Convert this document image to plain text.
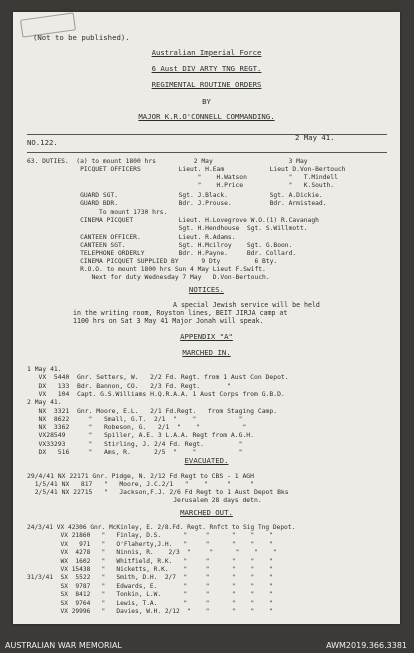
(Not to be published).
Australian Imperial Force
6 Aust DIV ARTY TNG REGT.
REGIMENTAL ROUTINE ORDERS
BY
MAJOR K.R.O'CONNELL COMMANDING.
NO.122.
2 May 41.
63. DUTIES.  (a) to mount 1800 hrs          2 May                    3 May
PICQUET OFFICERS          Lieut. H.Eam            Lieut D.Von-Bertouch
"    H.Watson           "   T.Mindell
"    H.Price            "   K.South.
GUARD SGT.                Sgt. J.Black.           Sgt. A.Dickie.
GUARD BDR.                Bdr. J.Prouse.          Bdr. Armistead.
To mount 1730 hrs.
CINEMA PICQUET            Lieut. H.Lovegrove W.O.(1) R.Cavanagh
Sgt. H.Hendhouse  Sgt. S.Willmott.
CANTEEN OFFICER.          Lieut. R.Adams.
CANTEEN SGT.              Sgt. H.Mcilroy    Sgt. G.Boon.
TELEPHONE ORDERLY         Bdr. H.Payne.     Bdr. Collard.
CINEMA PICQUET SUPPLIED BY      9 Dty         6 Bty.
R.O.O. to mount 1800 hrs Sun 4 May Lieut F.Swift.
Next for duty Wednesday 7 May   D.Von-Bertouch.
NOTICES.
A special Jewish service will be held
in the writing room, Royston lines, BEIT JIRJA camp at
1100 hrs on Sat 3 May 41 Major Jonah will speak.
APPENDIX "A"
MARCHED IN.
1 May 41.
VX  5440  Gnr. Setters, W.   2/2 Fd. Regt. from 1 Aust Con Depot.
DX   133  Bdr. Bannon, CO.   2/3 Fd. Regt.       "
VX   104  Capt. G.S.Williams H.Q.R.A.A. 1 Aust Corps from G.B.D.
2 May 41.
NX  3321  Gnr. Moore, E.L.   2/1 Fd.Regt.   from Staging Camp.
NX  8622     "   Small, G.T.  2/1  "    "           "
NX  3362     "   Robeson, G.   2/1  "    "           "
VX28549      "   Spiller, A.E. 3 L.A.A. Regt from A.G.H.
VX33293      "   Stirling, J. 2/4 Fd. Regt.         "
DX   516     "   Ams, R.      2/5  "    "           "
EVACUATED.
29/4/41 NX 22171 Gnr. Pidge, N. 2/12 Fd Regt to CBS - 1 AGH
1/5/41 NX   817   "   Moore, J.C.2/1   "    "     "     "
2/5/41 NX 22715   "   Jackson,F.J. 2/6 Fd Regt to 1 Aust Depot Bks
Jerusalem 28 days detn.
MARCHED OUT.
24/3/41 VX 42306 Gnr. McKinley, E. 2/8.Fd. Regt. Rnfct to Sig Tng Depot.
VX 21860   "   Finlay, D.S.      "     "      "    "    "
VX   971   "   O'Flaherty,J.H.   "     "      "    "    "
VX  4278   "   Ninnis, R.    2/3  "     "      "    "    "
WX  1602   "   Whitfield, R.K.   "     "      "    "    "
VX 15438   "   Nicketts, R.K.    "     "      "    "    "
31/3/41  SX  5522   "   Smith, D.H.  2/7  "     "      "    "    "
SX  9787   "   Edwards, E.       "     "      "    "    "
SX  8412   "   Tonkin, L.W.      "     "      "    "    "
SX  9764   "   Lewis, T.A.       "     "      "    "    "
VX 29996   "   Davies, W.H. 2/12  "    "      "    "    "
AUSTRALIAN WAR MEMORIAL	AWM2019.366.3381
